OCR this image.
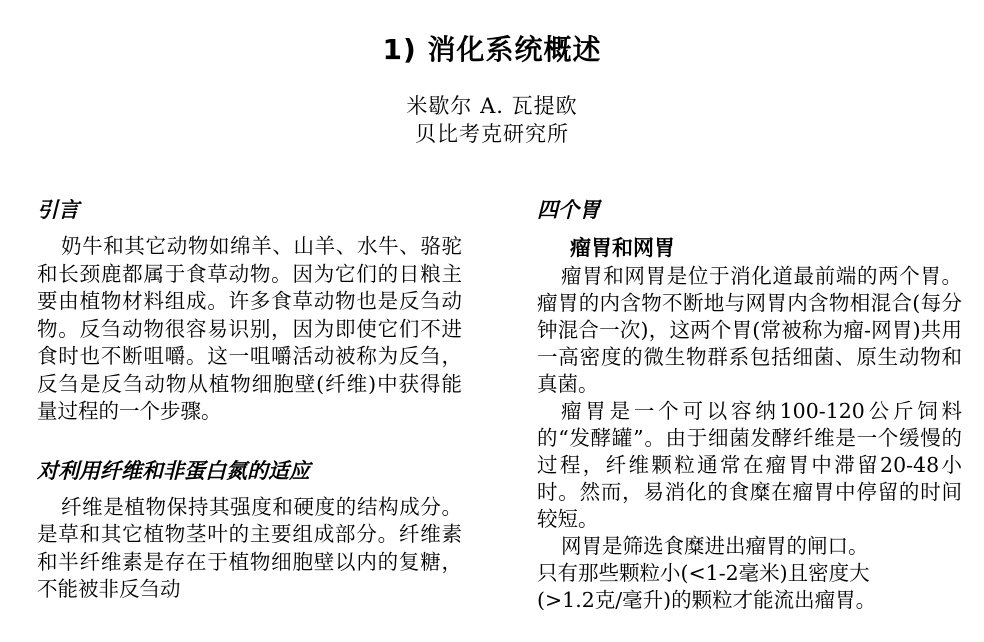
1) 消化系统概述
米歇尔 A. 瓦提欧
贝比考克研究所
引言

奶牛和其它动物如绵羊、山羊、水牛、骆驼和长颈鹿都属于食草动物。因为它们的日粮主要由植物材料组成。许多食草动物也是反刍动物。反刍动物很容易识别，因为即使它们不进食时也不断咀嚼。这一咀嚼活动被称为反刍，反刍是反刍动物从植物细胞壁(纤维)中获得能量过程的一个步骤。

对利用纤维和非蛋白氮的适应

纤维是植物保持其强度和硬度的结构成分。是草和其它植物茎叶的主要组成部分。纤维素和半纤维素是存在于植物细胞壁以内的复糖，不能被非反刍动

四个胃
瘤胃和网胃

瘤胃和网胃是位于消化道最前端的两个胃。瘤胃的内含物不断地与网胃内含物相混合(每分钟混合一次)，这两个胃(常被称为瘤-网胃)共用一高密度的微生物群系包括细菌、原生动物和真菌。

瘤胃是一个可以容纳100-120公斤饲料的“发酵罐”。由于细菌发酵纤维是一个缓慢的过程，纤维颗粒通常在瘤胃中滞留20-48小时。然而，易消化的食糜在瘤胃中停留的时间较短。

网胃是筛选食糜进出瘤胃的闸口。

只有那些颗粒小(<1-2毫米)且密度大

(>1.2克/毫升)的颗粒才能流出瘤胃。
